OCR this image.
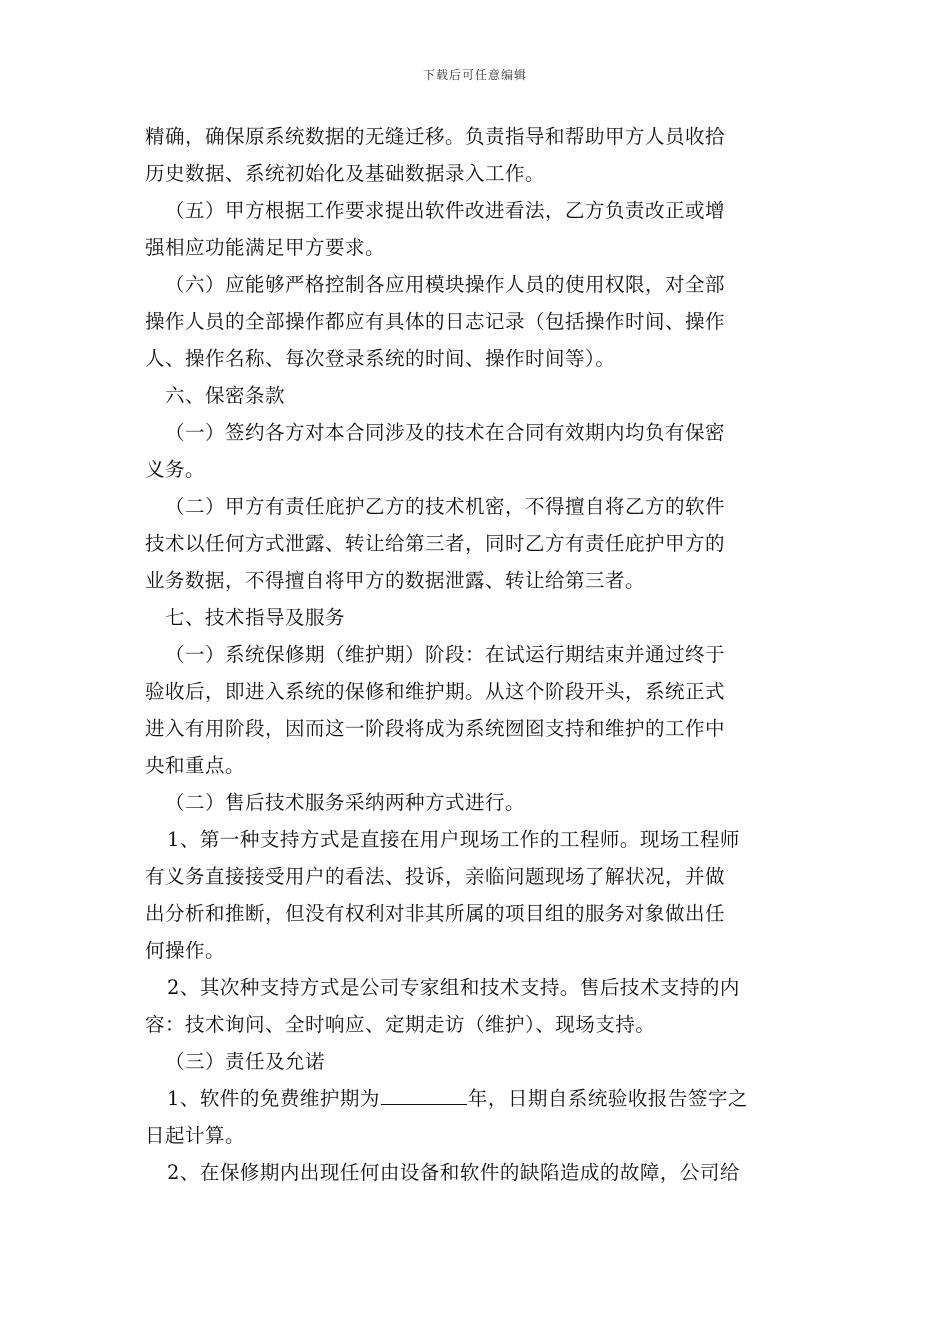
下载后可任意编辑
精确，确保原系统数据的无缝迁移。负责指导和帮助甲方人员收拾
历史数据、系统初始化及基础数据录入工作。
（五）甲方根据工作要求提出软件改进看法，乙方负责改正或增
强相应功能满足甲方要求。
（六）应能够严格控制各应用模块操作人员的使用权限，对全部
操作人员的全部操作都应有具体的日志记录（包括操作时间、操作
人、操作名称、每次登录系统的时间、操作时间等）。
六、保密条款
（一）签约各方对本合同涉及的技术在合同有效期内均负有保密
义务。
（二）甲方有责任庇护乙方的技术机密，不得擅自将乙方的软件
技术以任何方式泄露、转让给第三者，同时乙方有责任庇护甲方的
业务数据，不得擅自将甲方的数据泄露、转让给第三者。
七、技术指导及服务
（一）系统保修期（维护期）阶段：在试运行期结束并通过终于
验收后，即进入系统的保修和维护期。从这个阶段开头，系统正式
进入有用阶段，因而这一阶段将成为系统囫囵支持和维护的工作中
央和重点。
（二）售后技术服务采纳两种方式进行。
1、第一种支持方式是直接在用户现场工作的工程师。现场工程师
有义务直接接受用户的看法、投诉，亲临问题现场了解状况，并做
出分析和推断，但没有权利对非其所属的项目组的服务对象做出任
何操作。
2、其次种支持方式是公司专家组和技术支持。售后技术支持的内
容：技术询问、全时响应、定期走访（维护）、现场支持。
（三）责任及允诺
1、软件的免费维护期为	年，日期自系统验收报告签字之
日起计算。
2、在保修期内出现任何由设备和软件的缺陷造成的故障，公司给
